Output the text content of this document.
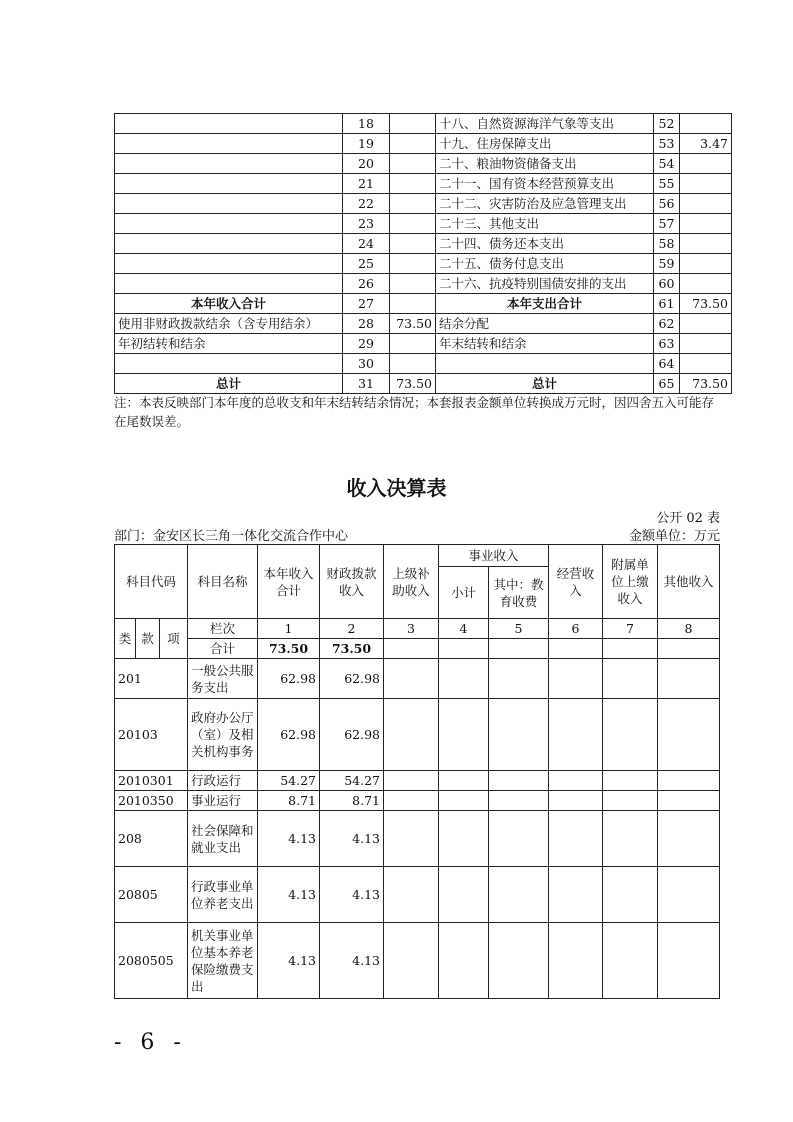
	18		十八、自然资源海洋气象等支出	52	
	19		十九、住房保障支出	53	3.47
	20		二十、粮油物资储备支出	54	
	21		二十一、国有资本经营预算支出	55	
	22		二十二、灾害防治及应急管理支出	56	
	23		二十三、其他支出	57	
	24		二十四、债务还本支出	58	
	25		二十五、债务付息支出	59	
	26		二十六、抗疫特别国债安排的支出	60	
本年收入合计	27		本年支出合计	61	73.50
使用非财政拨款结余（含专用结余）	28	73.50	结余分配	62	
年初结转和结余	29		年末结转和结余	63	
	30			64	
总计	31	73.50	总计	65	73.50
注：本表反映部门本年度的总收支和年末结转结余情况；本套报表金额单位转换成万元时，因四舍五入可能存在尾数误差。
收入决算表
公开 02 表
部门：金安区长三角一体化交流合作中心	金额单位：万元
科目代码			科目名称	本年收入合计	财政拨款收入	上级补助收入	事业收入		经营收入	附属单位上缴收入	其他收入
							小计	其中：教育收费			
类	款	项	栏次	1	2	3	4	5	6	7	8
			合计	73.50	73.50						
201			一般公共服务支出	62.98	62.98						
20103			政府办公厅（室）及相关机构事务	62.98	62.98						
2010301			行政运行	54.27	54.27						
2010350			事业运行	8.71	8.71						
208			社会保障和就业支出	4.13	4.13						
20805			行政事业单位养老支出	4.13	4.13						
2080505			机关事业单位基本养老保险缴费支出	4.13	4.13						
- 6 -
